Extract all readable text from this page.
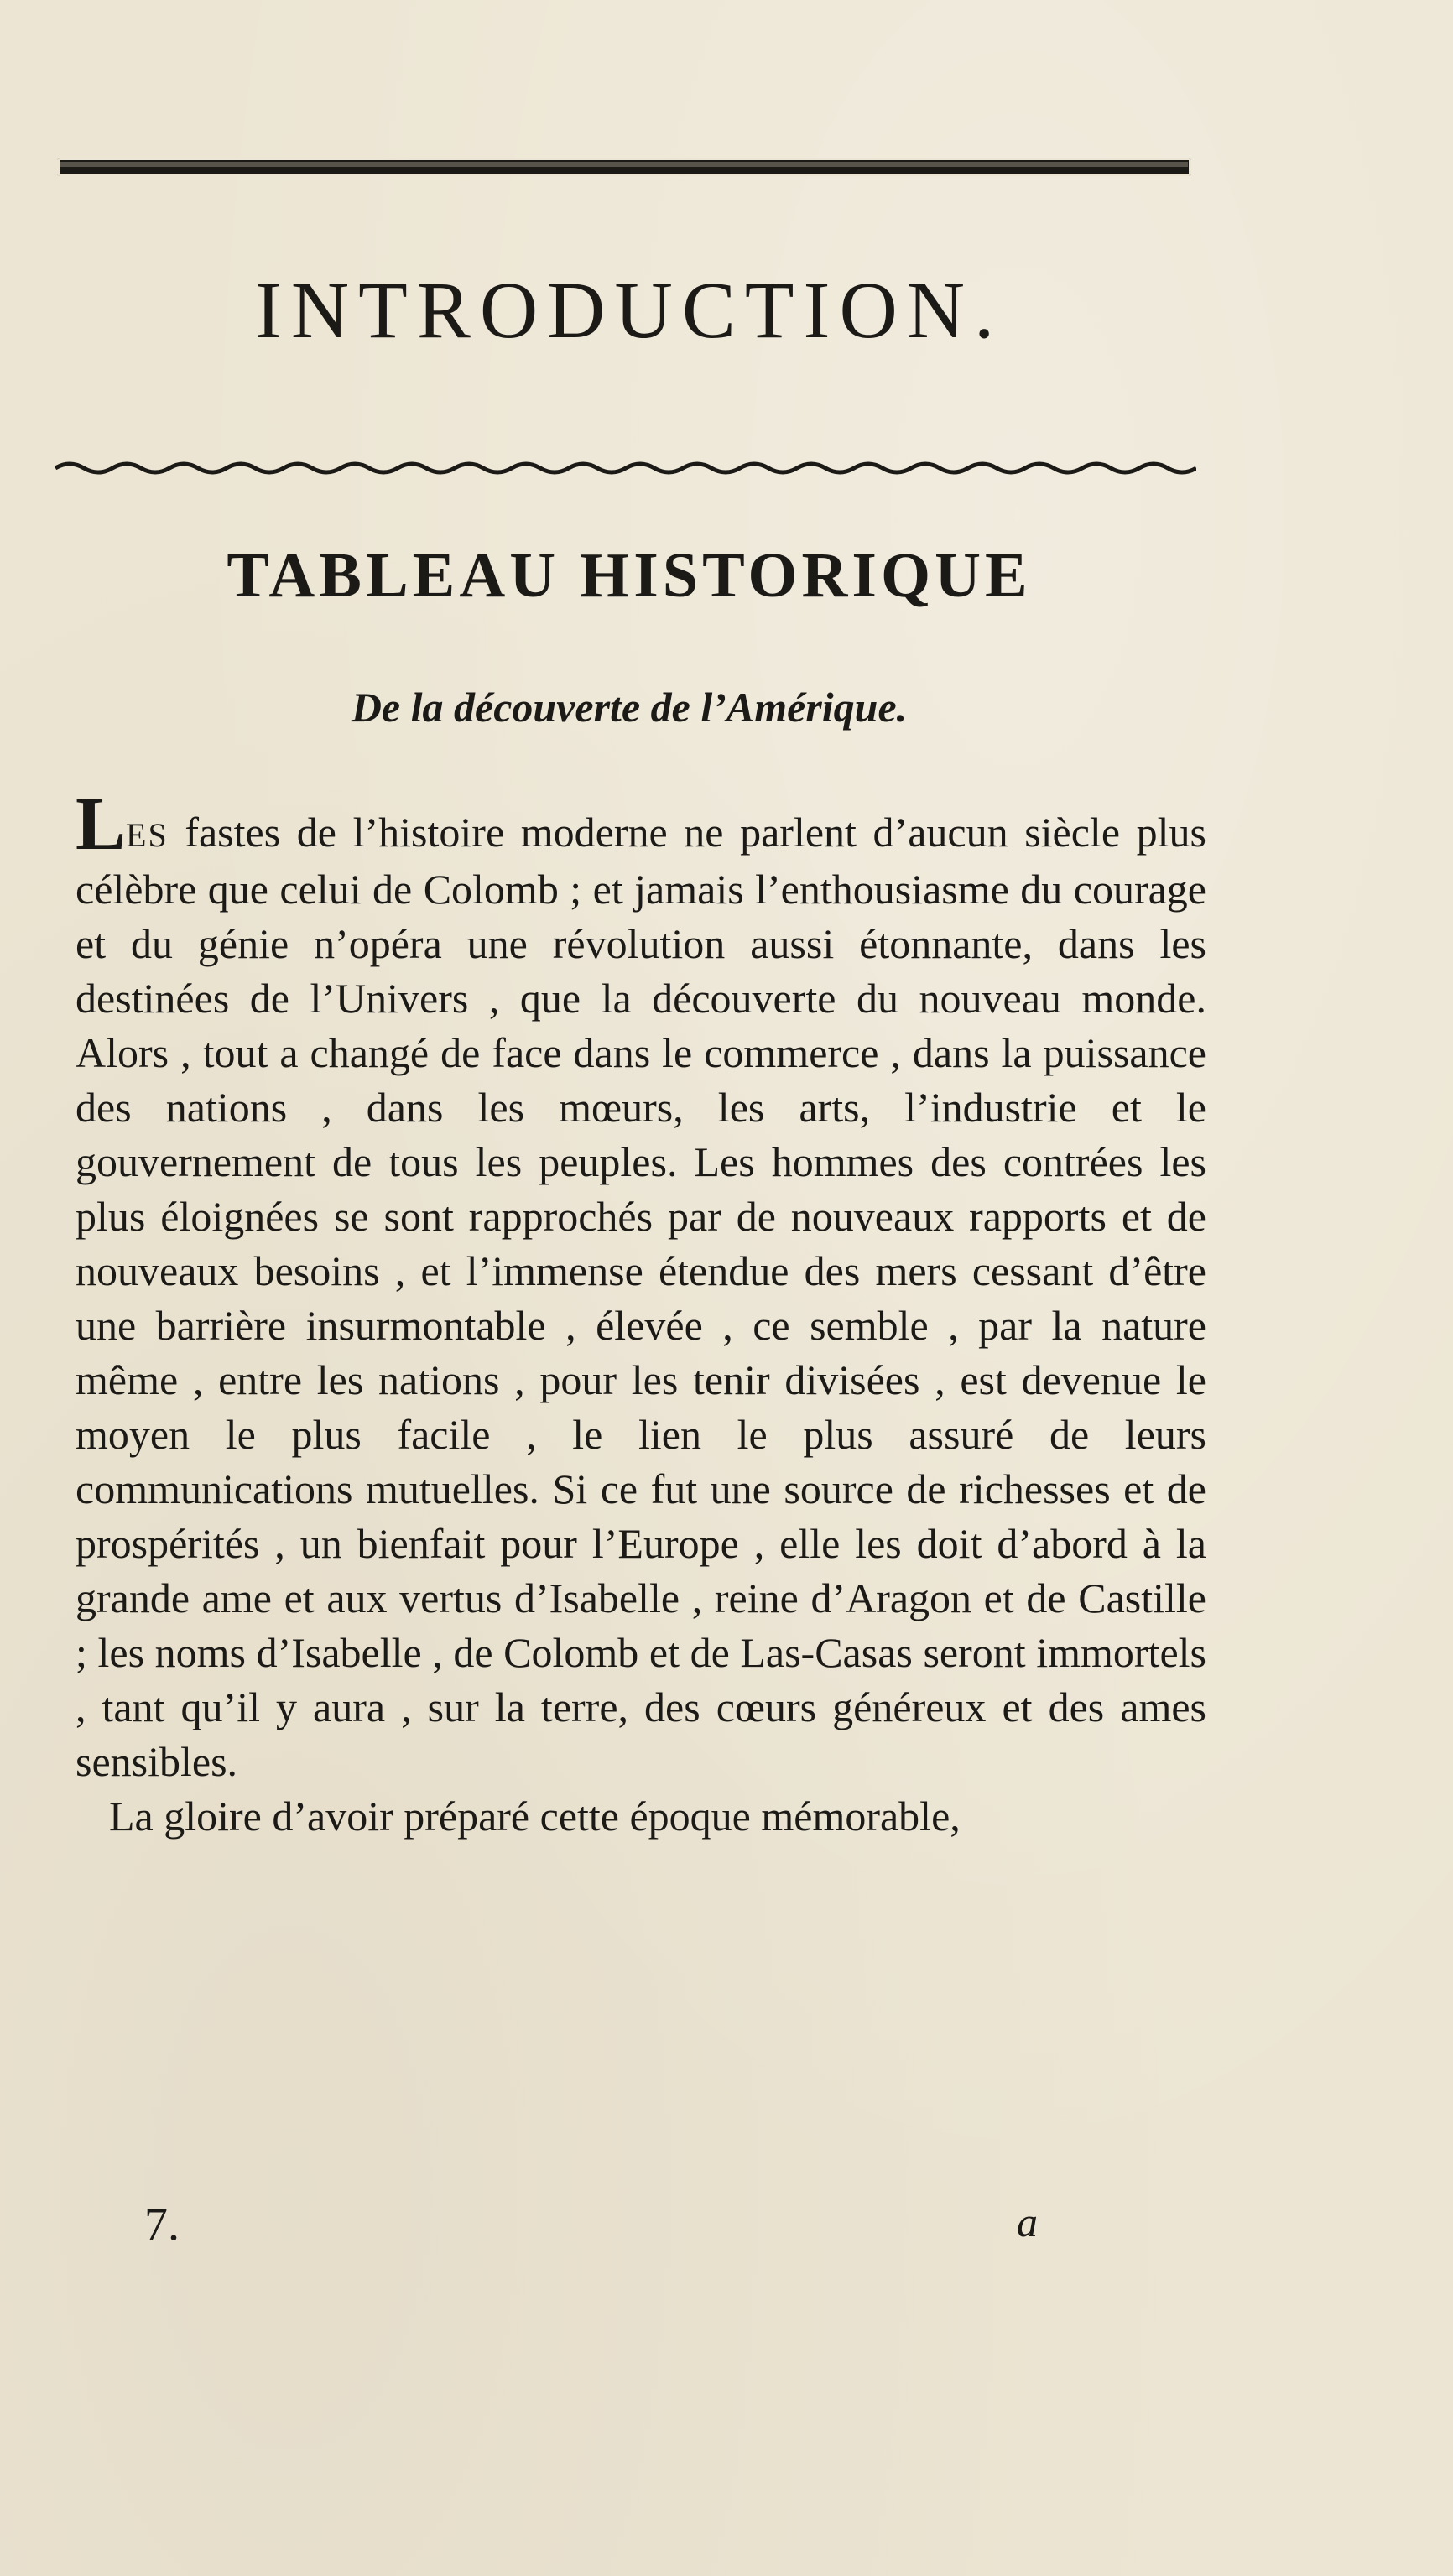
INTRODUCTION.
TABLEAU HISTORIQUE
De la découverte de l’Amérique.

LES fastes de l’histoire moderne ne parlent d’aucun siècle plus célèbre que celui de Colomb ; et jamais l’enthousiasme du courage et du génie n’opéra une révolution aussi étonnante, dans les destinées de l’Univers , que la découverte du nouveau monde. Alors , tout a changé de face dans le commerce , dans la puissance des nations , dans les mœurs, les arts, l’industrie et le gouvernement de tous les peuples. Les hommes des contrées les plus éloignées se sont rapprochés par de nouveaux rapports et de nouveaux besoins , et l’immense étendue des mers cessant d’être une barrière insurmontable , élevée , ce semble , par la nature même , entre les nations , pour les tenir divisées , est devenue le moyen le plus facile , le lien le plus assuré de leurs communications mutuelles. Si ce fut une source de richesses et de prospérités , un bienfait pour l’Europe , elle les doit d’abord à la grande ame et aux vertus d’Isabelle , reine d’Aragon et de Castille ; les noms d’Isabelle , de Colomb et de Las-Casas seront immortels , tant qu’il y aura , sur la terre, des cœurs généreux et des ames sensibles.
La gloire d’avoir préparé cette époque mémorable,

7.	a
